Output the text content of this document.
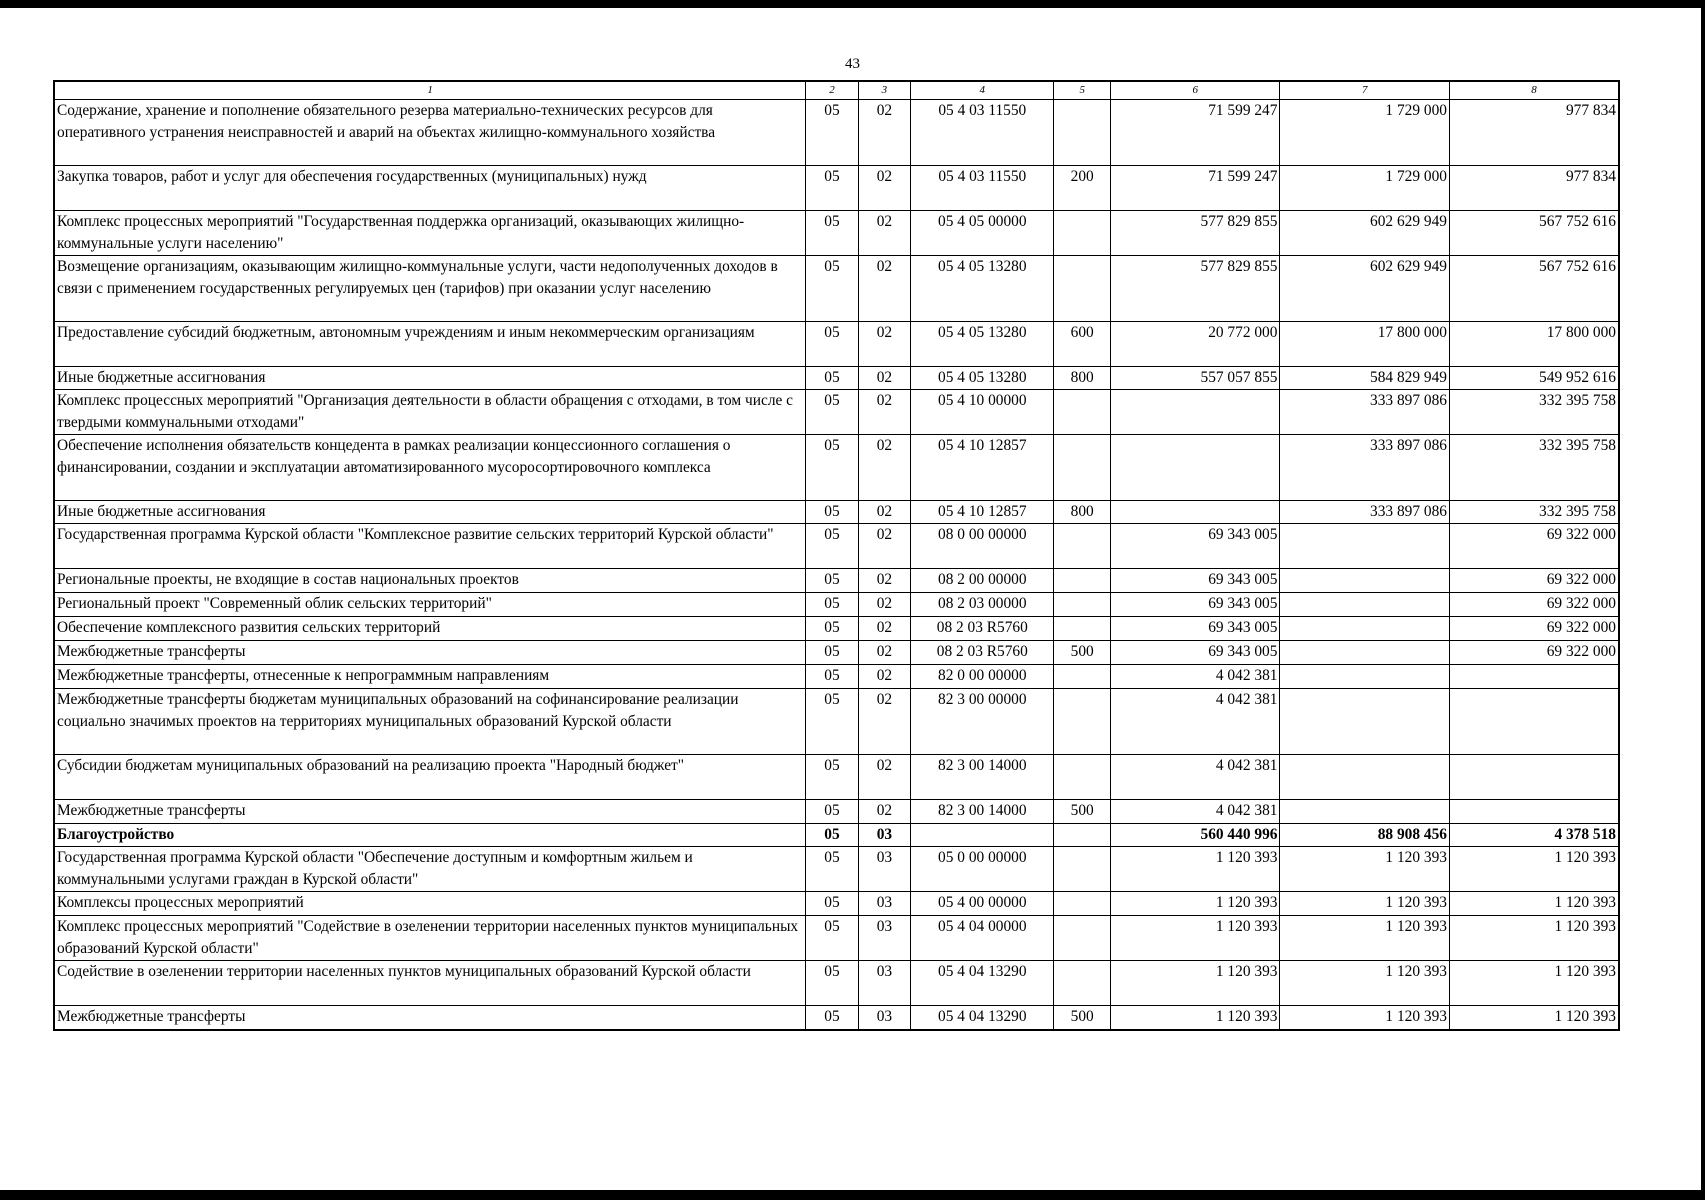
43
1	2	3	4	5	6	7	8
Содержание, хранение и пополнение обязательного резерва материально-технических ресурсов для оперативного устранения неисправностей и аварий на объектах жилищно-коммунального хозяйства	05	02	05 4 03 11550		71 599 247	1 729 000	977 834
Закупка товаров, работ и услуг для обеспечения государственных (муниципальных) нужд	05	02	05 4 03 11550	200	71 599 247	1 729 000	977 834
Комплекс процессных мероприятий "Государственная поддержка организаций, оказывающих жилищно-коммунальные услуги населению"	05	02	05 4 05 00000		577 829 855	602 629 949	567 752 616
Возмещение организациям, оказывающим жилищно-коммунальные услуги, части недополученных доходов в связи с применением государственных регулируемых цен (тарифов) при оказании услуг населению	05	02	05 4 05 13280		577 829 855	602 629 949	567 752 616
Предоставление субсидий бюджетным, автономным учреждениям и иным некоммерческим организациям	05	02	05 4 05 13280	600	20 772 000	17 800 000	17 800 000
Иные бюджетные ассигнования	05	02	05 4 05 13280	800	557 057 855	584 829 949	549 952 616
Комплекс процессных мероприятий "Организация деятельности в области обращения с отходами, в том числе с твердыми коммунальными отходами"	05	02	05 4 10 00000			333 897 086	332 395 758
Обеспечение исполнения обязательств концедента в рамках реализации концессионного соглашения о финансировании, создании и эксплуатации автоматизированного мусоросортировочного комплекса	05	02	05 4 10 12857			333 897 086	332 395 758
Иные бюджетные ассигнования	05	02	05 4 10 12857	800		333 897 086	332 395 758
Государственная программа Курской области "Комплексное развитие сельских территорий Курской области"	05	02	08 0 00 00000		69 343 005		69 322 000
Региональные проекты, не входящие в состав национальных проектов	05	02	08 2 00 00000		69 343 005		69 322 000
Региональный проект "Современный облик сельских территорий"	05	02	08 2 03 00000		69 343 005		69 322 000
Обеспечение комплексного развития сельских территорий	05	02	08 2 03 R5760		69 343 005		69 322 000
Межбюджетные трансферты	05	02	08 2 03 R5760	500	69 343 005		69 322 000
Межбюджетные трансферты, отнесенные к непрограммным направлениям	05	02	82 0 00 00000		4 042 381		
Межбюджетные трансферты бюджетам муниципальных образований на софинансирование реализации социально значимых проектов на территориях муниципальных образований Курской области	05	02	82 3 00 00000		4 042 381		
Субсидии бюджетам муниципальных образований на реализацию проекта "Народный бюджет"	05	02	82 3 00 14000		4 042 381		
Межбюджетные трансферты	05	02	82 3 00 14000	500	4 042 381		
Благоустройство	05	03			560 440 996	88 908 456	4 378 518
Государственная программа Курской области "Обеспечение доступным и комфортным жильем и коммунальными услугами граждан в Курской области"	05	03	05 0 00 00000		1 120 393	1 120 393	1 120 393
Комплексы процессных мероприятий	05	03	05 4 00 00000		1 120 393	1 120 393	1 120 393
Комплекс процессных мероприятий "Содействие в озеленении территории населенных пунктов муниципальных образований Курской области"	05	03	05 4 04 00000		1 120 393	1 120 393	1 120 393
Содействие в озеленении территории населенных пунктов муниципальных образований Курской области	05	03	05 4 04 13290		1 120 393	1 120 393	1 120 393
Межбюджетные трансферты	05	03	05 4 04 13290	500	1 120 393	1 120 393	1 120 393
